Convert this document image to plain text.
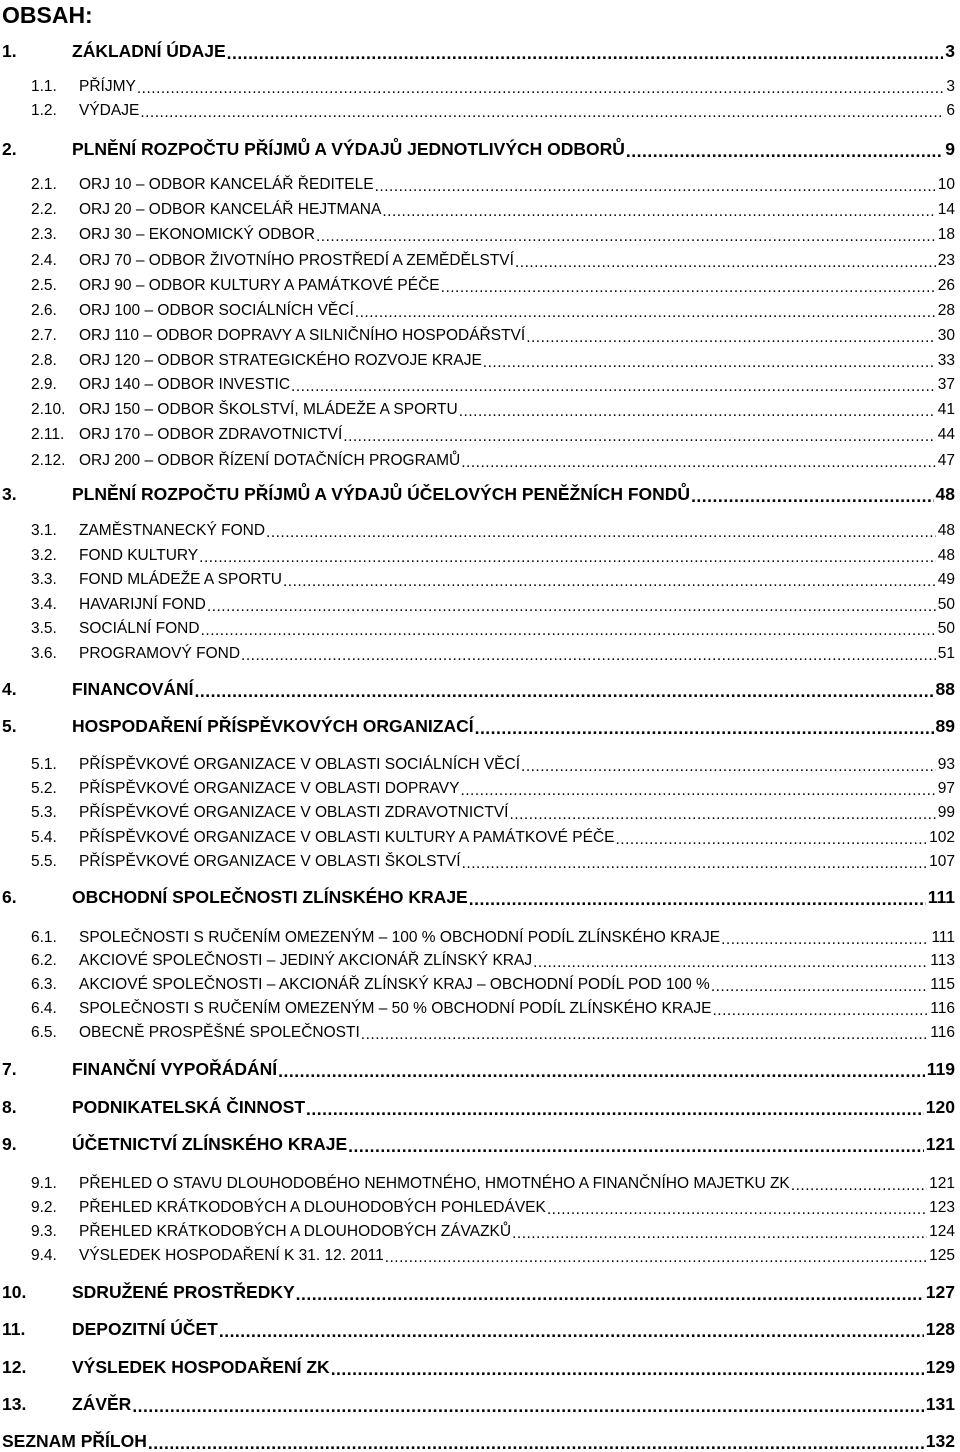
OBSAH:
1.	ZÁKLADNÍ ÚDAJE .....	3
1.1.	PŘÍJMY .....	3
1.2.	VÝDAJE .....	6
2.	PLNĚNÍ ROZPOČTU PŘÍJMŮ A VÝDAJŮ JEDNOTLIVÝCH ODBORŮ .....	9
2.1.	ORJ 10 – ODBOR KANCELÁŘ ŘEDITELE .....	10
2.2.	ORJ 20 – ODBOR KANCELÁŘ HEJTMANA .....	14
2.3.	ORJ 30 – EKONOMICKÝ ODBOR .....	18
2.4.	ORJ 70 – ODBOR ŽIVOTNÍHO PROSTŘEDÍ A ZEMĚDĚLSTVÍ .....	23
2.5.	ORJ 90 – ODBOR KULTURY A PAMÁTKOVÉ PÉČE .....	26
2.6.	ORJ 100 – ODBOR SOCIÁLNÍCH VĚCÍ .....	28
2.7.	ORJ 110 – ODBOR DOPRAVY A SILNIČNÍHO HOSPODÁŘSTVÍ .....	30
2.8.	ORJ 120 – ODBOR STRATEGICKÉHO ROZVOJE KRAJE .....	33
2.9.	ORJ 140 – ODBOR INVESTIC .....	37
2.10. ORJ 150 – ODBOR ŠKOLSTVÍ, MLÁDEŽE A SPORTU .....	41
2.11. ORJ 170 – ODBOR ZDRAVOTNICTVÍ .....	44
2.12. ORJ 200 – ODBOR ŘÍZENÍ DOTAČNÍCH PROGRAMŮ .....	47
3.	PLNĚNÍ ROZPOČTU PŘÍJMŮ A VÝDAJŮ ÚČELOVÝCH PENĚŽNÍCH FONDŮ .....	48
3.1.	ZAMĚSTNANECKÝ FOND .....	48
3.2.	FOND KULTURY .....	48
3.3.	FOND MLÁDEŽE A SPORTU .....	49
3.4.	HAVARIJNÍ FOND .....	50
3.5.	SOCIÁLNÍ FOND .....	50
3.6.	PROGRAMOVÝ FOND .....	51
4.	FINANCOVÁNÍ .....	88
5.	HOSPODAŘENÍ PŘÍSPĚVKOVÝCH ORGANIZACÍ .....	89
5.1.	PŘÍSPĚVKOVÉ ORGANIZACE V OBLASTI SOCIÁLNÍCH VĚCÍ .....	93
5.2.	PŘÍSPĚVKOVÉ ORGANIZACE V OBLASTI DOPRAVY .....	97
5.3.	PŘÍSPĚVKOVÉ ORGANIZACE V OBLASTI ZDRAVOTNICTVÍ .....	99
5.4.	PŘÍSPĚVKOVÉ ORGANIZACE V OBLASTI KULTURY A PAMÁTKOVÉ PÉČE .....	102
5.5.	PŘÍSPĚVKOVÉ ORGANIZACE V OBLASTI ŠKOLSTVÍ .....	107
6.	OBCHODNÍ SPOLEČNOSTI ZLÍNSKÉHO KRAJE .....	111
6.1.	SPOLEČNOSTI S RUČENÍM OMEZENÝM – 100 % OBCHODNÍ PODÍL ZLÍNSKÉHO KRAJE .....	111
6.2.	AKCIOVÉ SPOLEČNOSTI – JEDINÝ AKCIONÁŘ ZLÍNSKÝ KRAJ .....	113
6.3.	AKCIOVÉ SPOLEČNOSTI – AKCIONÁŘ ZLÍNSKÝ KRAJ – OBCHODNÍ PODÍL POD 100 % .....	115
6.4.	SPOLEČNOSTI S RUČENÍM OMEZENÝM – 50 % OBCHODNÍ PODÍL ZLÍNSKÉHO KRAJE .....	116
6.5.	OBECNĚ PROSPĚŠNÉ SPOLEČNOSTI .....	116
7.	FINANČNÍ VYPOŘÁDÁNÍ .....	119
8.	PODNIKATELSKÁ ČINNOST .....	120
9.	ÚČETNICTVÍ ZLÍNSKÉHO KRAJE .....	121
9.1.	PŘEHLED O STAVU DLOUHODOBÉHO NEHMOTNÉHO, HMOTNÉHO A FINANČNÍHO MAJETKU ZK .....	121
9.2.	PŘEHLED KRÁTKODOBÝCH A DLOUHODOBÝCH POHLEDÁVEK .....	123
9.3.	PŘEHLED KRÁTKODOBÝCH A DLOUHODOBÝCH ZÁVAZKŮ .....	124
9.4.	VÝSLEDEK HOSPODAŘENÍ K 31. 12. 2011 .....	125
10.	SDRUŽENÉ PROSTŘEDKY .....	127
11.	DEPOZITNÍ ÚČET .....	128
12.	VÝSLEDEK HOSPODAŘENÍ ZK .....	129
13.	ZÁVĚR .....	131
SEZNAM PŘÍLOH .....	132
